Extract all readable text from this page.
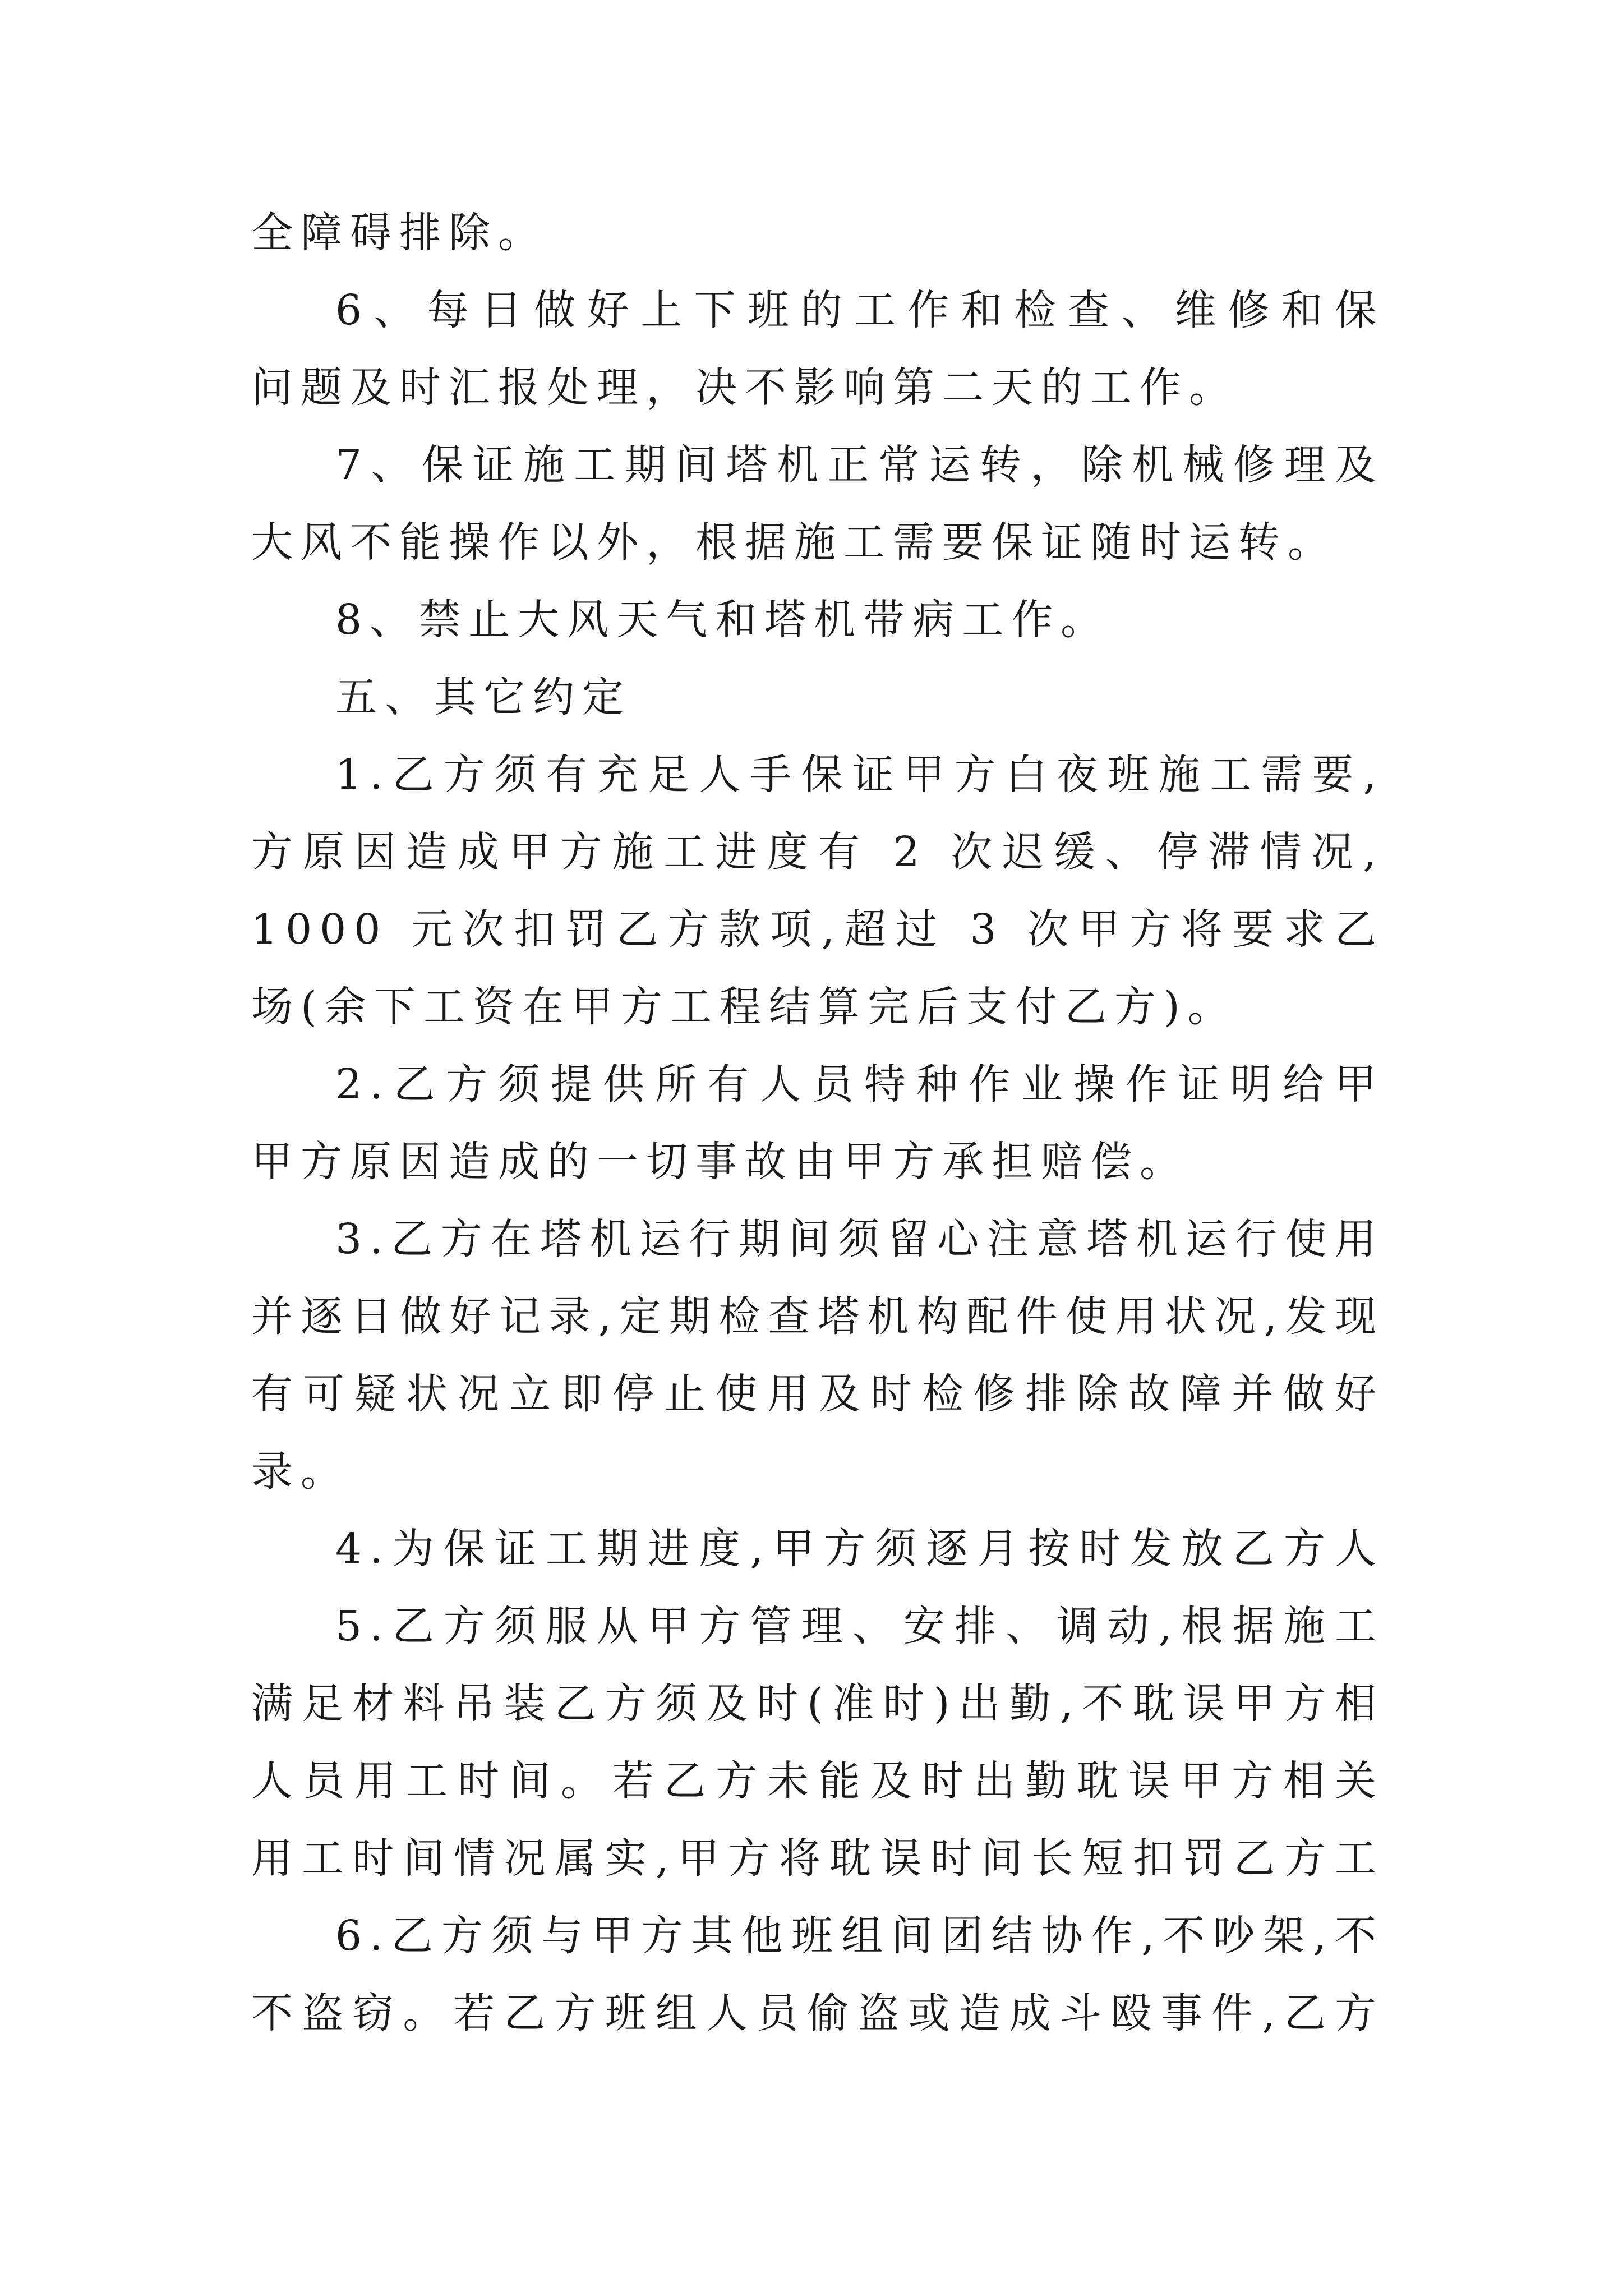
全障碍排除。
6、每日做好上下班的工作和检查、维修和保
问题及时汇报处理，决不影响第二天的工作。
7、保证施工期间塔机正常运转，除机械修理及
大风不能操作以外，根据施工需要保证随时运转。
8、禁止大风天气和塔机带病工作。
五、其它约定
1.乙方须有充足人手保证甲方白夜班施工需要,
方原因造成甲方施工进度有 2 次迟缓、停滞情况,
1000 元次扣罚乙方款项,超过 3 次甲方将要求乙
场(余下工资在甲方工程结算完后支付乙方)。
2.乙方须提供所有人员特种作业操作证明给甲
甲方原因造成的一切事故由甲方承担赔偿。
3.乙方在塔机运行期间须留心注意塔机运行使用
并逐日做好记录,定期检查塔机构配件使用状况,发现
有可疑状况立即停止使用及时检修排除故障并做好
录。
4.为保证工期进度,甲方须逐月按时发放乙方人
5.乙方须服从甲方管理、安排、调动,根据施工
满足材料吊装乙方须及时(准时)出勤,不耽误甲方相
人员用工时间。若乙方未能及时出勤耽误甲方相关
用工时间情况属实,甲方将耽误时间长短扣罚乙方工
6.乙方须与甲方其他班组间团结协作,不吵架,不
不盗窃。若乙方班组人员偷盗或造成斗殴事件,乙方
